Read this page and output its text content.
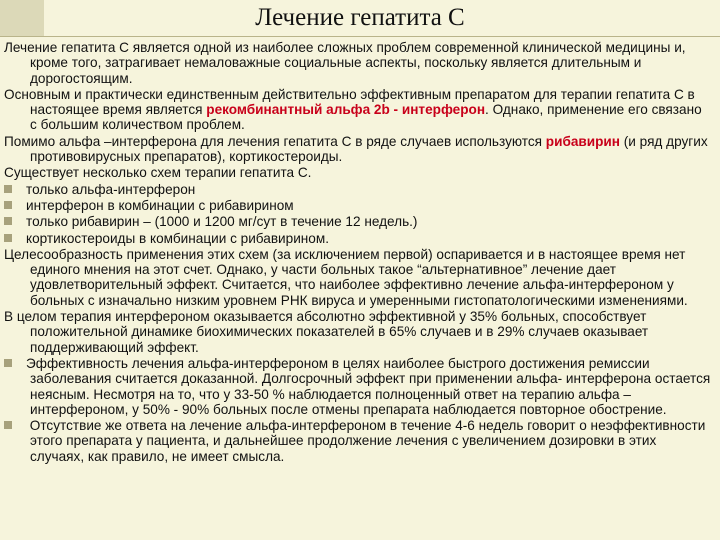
Лечение гепатита С

Лечение гепатита С является одной из наиболее сложных проблем современной клинической медицины и, кроме того, затрагивает немаловажные социальные аспекты, поскольку является длительным и дорогостоящим.

Основным и практически единственным действительно эффективным препаратом для терапии гепатита С в настоящее время является рекомбинантный альфа 2b - интерферон. Однако, применение его связано с большим количеством проблем.

Помимо альфа –интерферона для лечения гепатита С в ряде случаев используются рибавирин (и ряд других противовирусных препаратов), кортикостероиды.

Существует несколько схем терапии гепатита С.

только альфа-интерферон

интерферон в комбинации с рибавирином

только рибавирин – (1000 и 1200 мг/сут в течение 12 недель.)

кортикостероиды в комбинации с рибавирином.

Целесообразность применения этих схем (за исключением первой) оспаривается и в настоящее время нет единого мнения на этот счет. Однако, у части больных такое “альтернативное” лечение дает удовлетворительный эффект. Считается, что наиболее эффективно лечение альфа-интерфероном у больных с изначально низким уровнем РНК вируса и умеренными гистопатологическими изменениями.

В целом терапия интерфероном оказывается абсолютно эффективной у 35% больных, способствует положительной динамике биохимических показателей в 65% случаев и в 29% случаев оказывает поддерживающий эффект.

Эффективность лечения альфа-интерфероном в целях наиболее быстрого достижения ремиссии заболевания считается доказанной. Долгосрочный эффект при применении альфа- интерферона остается неясным. Несмотря на то, что у 33-50 % наблюдается полноценный ответ на терапию альфа – интерфероном, у 50% - 90% больных после отмены препарата наблюдается повторное обострение.

Отсутствие же ответа на лечение альфа-интерфероном в течение 4-6 недель говорит о неэффективности этого препарата у пациента, и дальнейшее продолжение лечения с увеличением дозировки в этих случаях, как правило, не имеет смысла.
